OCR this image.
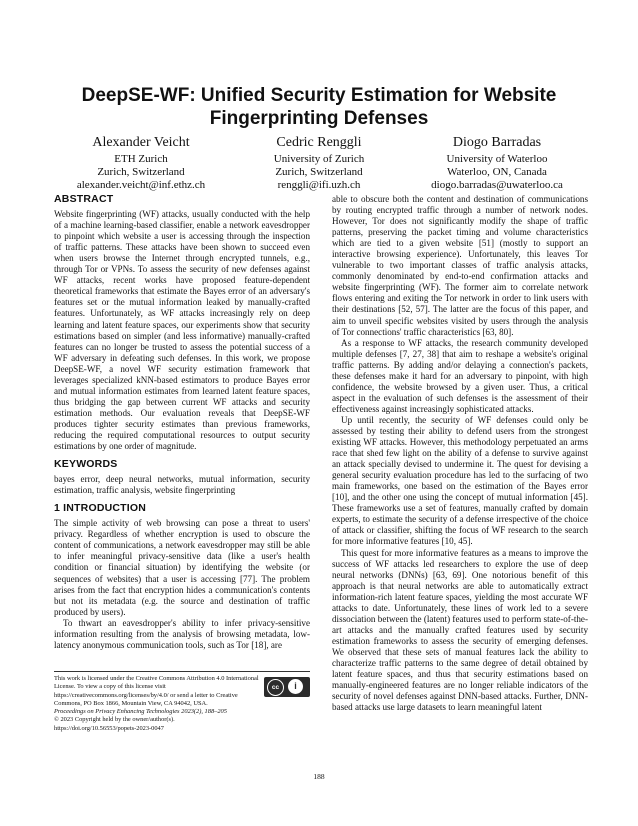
DeepSE-WF: Unified Security Estimation for Website Fingerprinting Defenses
Alexander Veicht
ETH Zurich
Zurich, Switzerland
alexander.veicht@inf.ethz.ch
Cedric Renggli
University of Zurich
Zurich, Switzerland
renggli@ifi.uzh.ch
Diogo Barradas
University of Waterloo
Waterloo, ON, Canada
diogo.barradas@uwaterloo.ca
ABSTRACT

Website fingerprinting (WF) attacks, usually conducted with the help of a machine learning-based classifier, enable a network eavesdropper to pinpoint which website a user is accessing through the inspection of traffic patterns. These attacks have been shown to succeed even when users browse the Internet through encrypted tunnels, e.g., through Tor or VPNs. To assess the security of new defenses against WF attacks, recent works have proposed feature-dependent theoretical frameworks that estimate the Bayes error of an adversary's features set or the mutual information leaked by manually-crafted features. Unfortunately, as WF attacks increasingly rely on deep learning and latent feature spaces, our experiments show that security estimations based on simpler (and less informative) manually-crafted features can no longer be trusted to assess the potential success of a WF adversary in defeating such defenses. In this work, we propose DeepSE-WF, a novel WF security estimation framework that leverages specialized kNN-based estimators to produce Bayes error and mutual information estimates from learned latent feature spaces, thus bridging the gap between current WF attacks and security estimation methods. Our evaluation reveals that DeepSE-WF produces tighter security estimates than previous frameworks, reducing the required computational resources to output security estimations by one order of magnitude.

KEYWORDS

bayes error, deep neural networks, mutual information, security estimation, traffic analysis, website fingerprinting

1 INTRODUCTION

The simple activity of web browsing can pose a threat to users' privacy. Regardless of whether encryption is used to obscure the content of communications, a network eavesdropper may still be able to infer meaningful privacy-sensitive data (like a user's health condition or financial situation) by identifying the website (or sequences of websites) that a user is accessing [77]. The problem arises from the fact that encryption hides a communication's contents but not its metadata (e.g. the source and destination of traffic produced by users).

To thwart an eavesdropper's ability to infer privacy-sensitive information resulting from the analysis of browsing metadata, low-latency anonymous communication tools, such as Tor [18], are

This work is licensed under the Creative Commons Attribution 4.0 International License. To view a copy of this license visit https://creativecommons.org/licenses/by/4.0/ or send a letter to Creative Commons, PO Box 1866, Mountain View, CA 94042, USA.
Proceedings on Privacy Enhancing Technologies 2023(2), 188–205
© 2023 Copyright held by the owner/author(s).
https://doi.org/10.56553/popets-2023-0047
cc	i

able to obscure both the content and destination of communications by routing encrypted traffic through a number of network nodes. However, Tor does not significantly modify the shape of traffic patterns, preserving the packet timing and volume characteristics which are tied to a given website [51] (mostly to support an interactive browsing experience). Unfortunately, this leaves Tor vulnerable to two important classes of traffic analysis attacks, commonly denominated by end-to-end confirmation attacks and website fingerprinting (WF). The former aim to correlate network flows entering and exiting the Tor network in order to link users with their destinations [52, 57]. The latter are the focus of this paper, and aim to unveil specific websites visited by users through the analysis of Tor connections' traffic characteristics [63, 80].

As a response to WF attacks, the research community developed multiple defenses [7, 27, 38] that aim to reshape a website's original traffic patterns. By adding and/or delaying a connection's packets, these defenses make it hard for an adversary to pinpoint, with high confidence, the website browsed by a given user. Thus, a critical aspect in the evaluation of such defenses is the assessment of their effectiveness against increasingly sophisticated attacks.

Up until recently, the security of WF defenses could only be assessed by testing their ability to defend users from the strongest existing WF attacks. However, this methodology perpetuated an arms race that shed few light on the ability of a defense to survive against an attack specially devised to undermine it. The quest for devising a general security evaluation procedure has led to the surfacing of two main frameworks, one based on the estimation of the Bayes error [10], and the other one using the concept of mutual information [45]. These frameworks use a set of features, manually crafted by domain experts, to estimate the security of a defense irrespective of the choice of attack or classifier, shifting the focus of WF research to the search for more informative features [10, 45].

This quest for more informative features as a means to improve the success of WF attacks led researchers to explore the use of deep neural networks (DNNs) [63, 69]. One notorious benefit of this approach is that neural networks are able to automatically extract information-rich latent feature spaces, yielding the most accurate WF attacks to date. Unfortunately, these lines of work led to a severe dissociation between the (latent) features used to perform state-of-the-art attacks and the manually crafted features used by security estimation frameworks to assess the security of emerging defenses. We observed that these sets of manual features lack the ability to characterize traffic patterns to the same degree of detail obtained by latent feature spaces, and thus that security estimations based on manually-engineered features are no longer reliable indicators of the security of novel defenses against DNN-based attacks. Further, DNN-based attacks use large datasets to learn meaningful latent

188
